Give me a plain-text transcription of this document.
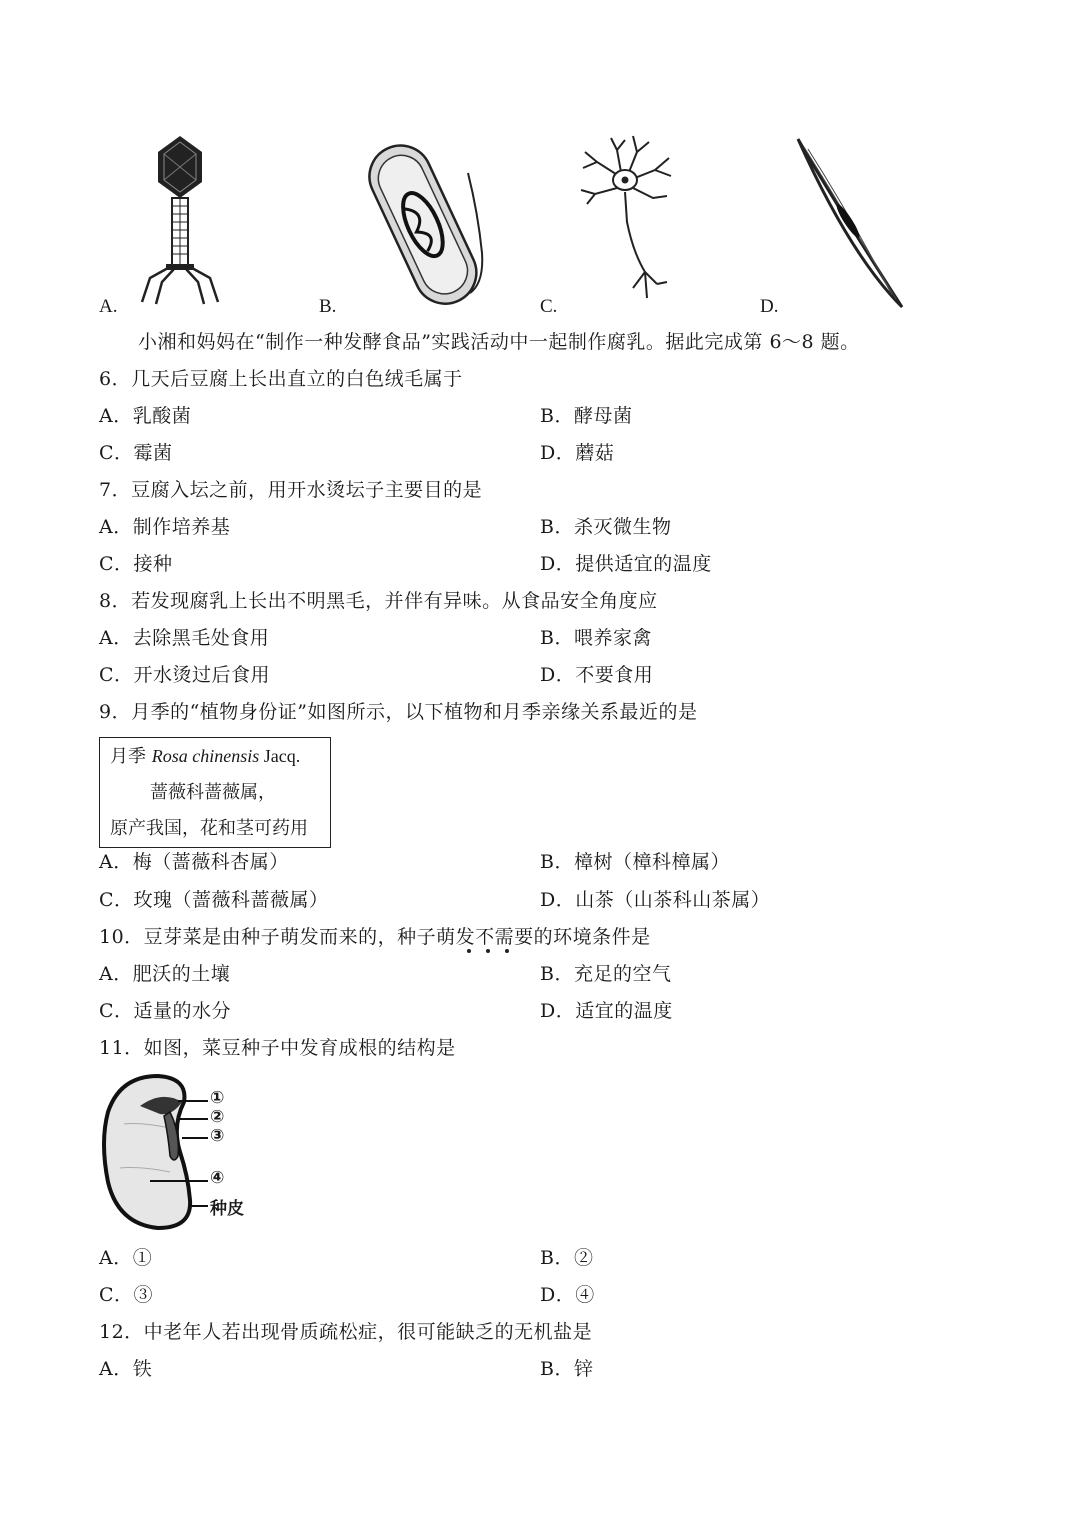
A.	B.	C.	D.
小湘和妈妈在“制作一种发酵食品”实践活动中一起制作腐乳。据此完成第 6～8 题。
6．几天后豆腐上长出直立的白色绒毛属于
A．乳酸菌	B．酵母菌
C．霉菌	D．蘑菇
7．豆腐入坛之前，用开水烫坛子主要目的是
A．制作培养基	B．杀灭微生物
C．接种	D．提供适宜的温度
8．若发现腐乳上长出不明黑毛，并伴有异味。从食品安全角度应
A．去除黑毛处食用	B．喂养家禽
C．开水烫过后食用	D．不要食用
9．月季的“植物身份证”如图所示，以下植物和月季亲缘关系最近的是
月季 Rosa chinensis Jacq.
蔷薇科蔷薇属，
原产我国，花和茎可药用
A．梅（蔷薇科杏属）	B．樟树（樟科樟属）
C．玫瑰（蔷薇科蔷薇属）	D．山茶（山茶科山茶属）
10．豆芽菜是由种子萌发而来的，种子萌发不需要的环境条件是
A．肥沃的土壤	B．充足的空气
C．适量的水分	D．适宜的温度
11．如图，菜豆种子中发育成根的结构是
①
②
③
④
种皮
A．①	B．②
C．③	D．④
12．中老年人若出现骨质疏松症，很可能缺乏的无机盐是
A．铁	B．锌
